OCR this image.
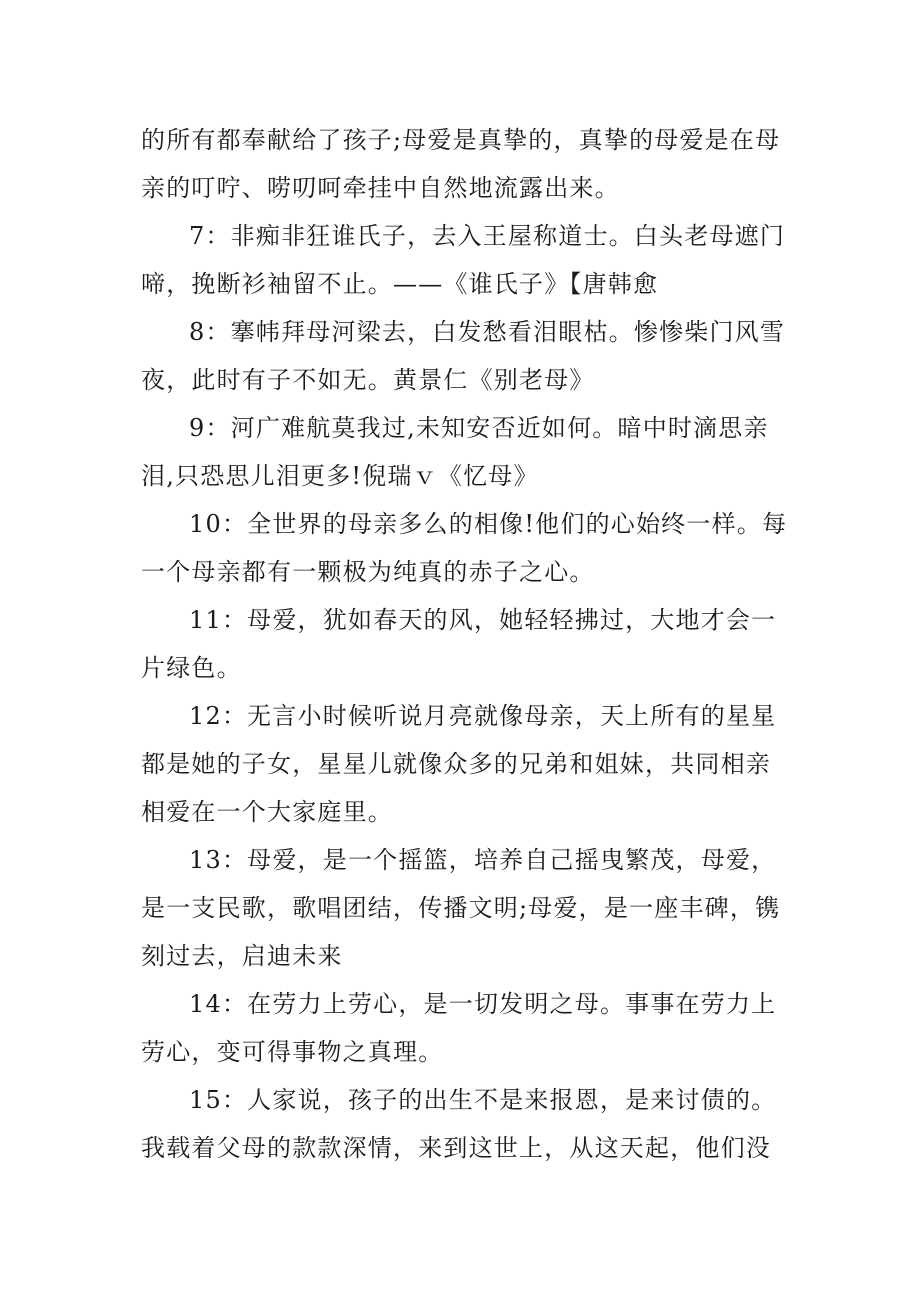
的所有都奉献给了孩子;母爱是真挚的，真挚的母爱是在母
亲的叮咛、唠叨呵牵挂中自然地流露出来。

7：非痴非狂谁氏子，去入王屋称道士。白头老母遮门
啼，挽断衫袖留不止。——《谁氏子》【唐韩愈

8：搴帏拜母河梁去，白发愁看泪眼枯。惨惨柴门风雪
夜，此时有子不如无。黄景仁《别老母》

9：河广难航莫我过,未知安否近如何。暗中时滴思亲
泪,只恐思儿泪更多!倪瑞ｖ《忆母》

10：全世界的母亲多么的相像!他们的心始终一样。每
一个母亲都有一颗极为纯真的赤子之心。

11：母爱，犹如春天的风，她轻轻拂过，大地才会一
片绿色。

12：无言小时候听说月亮就像母亲，天上所有的星星
都是她的子女，星星儿就像众多的兄弟和姐妹，共同相亲
相爱在一个大家庭里。

13：母爱，是一个摇篮，培养自己摇曳繁茂，母爱，
是一支民歌，歌唱团结，传播文明;母爱，是一座丰碑，镌
刻过去，启迪未来

14：在劳力上劳心，是一切发明之母。事事在劳力上
劳心，变可得事物之真理。

15：人家说，孩子的出生不是来报恩，是来讨债的。
我载着父母的款款深情，来到这世上，从这天起，他们没
